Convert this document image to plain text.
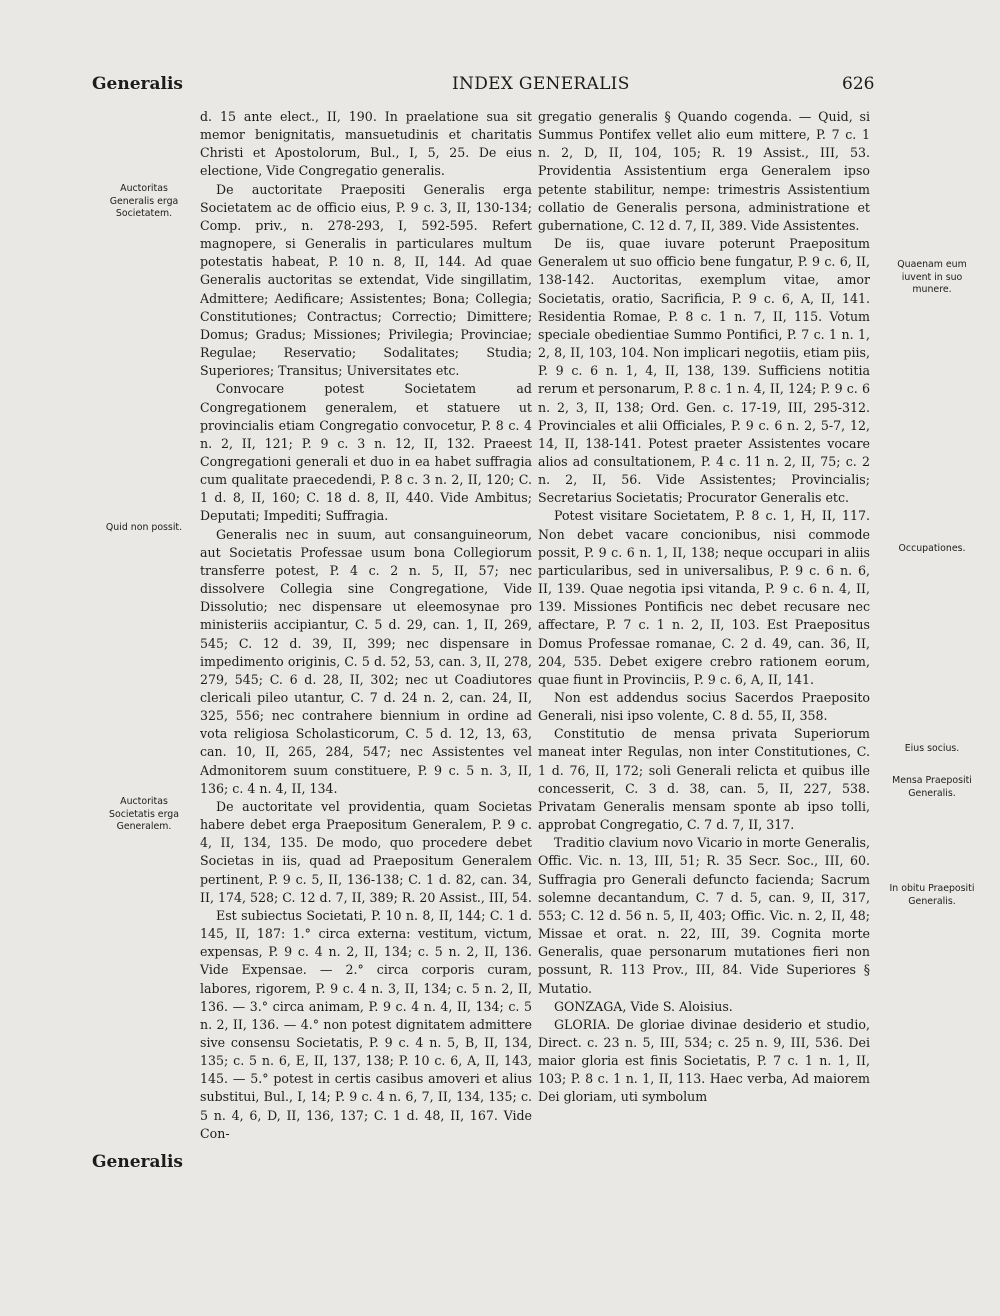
Generalis	INDEX GENERALIS	626
Auctoritas Generalis erga Societatem.
Quid non possit.
Auctoritas Societatis erga Generalem.
Quaenam eum iuvent in suo munere.
Occupationes.
Eius socius.
Mensa Praepositi Generalis.
In obitu Praepositi Generalis.

d. 15 ante elect., II, 190. In praelatione sua sit memor benignitatis, mansuetudinis et charitatis Christi et Apostolorum, Bul., I, 5, 25. De eius electione, Vide Congregatio generalis.

De auctoritate Praepositi Generalis erga Societatem ac de officio eius, P. 9 c. 3, II, 130-134; Comp. priv., n. 278-293, I, 592-595. Refert magnopere, si Generalis in particulares multum potestatis habeat, P. 10 n. 8, II, 144. Ad quae Generalis auctoritas se extendat, Vide singillatim, Admittere; Aedificare; Assistentes; Bona; Collegia; Constitutiones; Contractus; Correctio; Dimittere; Domus; Gradus; Missiones; Privilegia; Provinciae; Regulae; Reservatio; Sodalitates; Studia; Superiores; Transitus; Universitates etc.

Convocare potest Societatem ad Congregationem generalem, et statuere ut provincialis etiam Congregatio convocetur, P. 8 c. 4 n. 2, II, 121; P. 9 c. 3 n. 12, II, 132. Praeest Congregationi generali et duo in ea habet suffragia cum qualitate praecedendi, P. 8 c. 3 n. 2, II, 120; C. 1 d. 8, II, 160; C. 18 d. 8, II, 440. Vide Ambitus; Deputati; Impediti; Suffragia.

Generalis nec in suum, aut consanguineorum, aut Societatis Professae usum bona Collegiorum transferre potest, P. 4 c. 2 n. 5, II, 57; nec dissolvere Collegia sine Congregatione, Vide Dissolutio; nec dispensare ut eleemosynae pro ministeriis accipiantur, C. 5 d. 29, can. 1, II, 269, 545; C. 12 d. 39, II, 399; nec dispensare in impedimento originis, C. 5 d. 52, 53, can. 3, II, 278, 279, 545; C. 6 d. 28, II, 302; nec ut Coadiutores clericali pileo utantur, C. 7 d. 24 n. 2, can. 24, II, 325, 556; nec contrahere biennium in ordine ad vota religiosa Scholasticorum, C. 5 d. 12, 13, 63, can. 10, II, 265, 284, 547; nec Assistentes vel Admonitorem suum constituere, P. 9 c. 5 n. 3, II, 136; c. 4 n. 4, II, 134.

De auctoritate vel providentia, quam Societas habere debet erga Praepositum Generalem, P. 9 c. 4, II, 134, 135. De modo, quo procedere debet Societas in iis, quad ad Praepositum Generalem pertinent, P. 9 c. 5, II, 136-138; C. 1 d. 82, can. 34, II, 174, 528; C. 12 d. 7, II, 389; R. 20 Assist., III, 54.

Est subiectus Societati, P. 10 n. 8, II, 144; C. 1 d. 145, II, 187: 1.° circa externa: vestitum, victum, expensas, P. 9 c. 4 n. 2, II, 134; c. 5 n. 2, II, 136. Vide Expensae. — 2.° circa corporis curam, labores, rigorem, P. 9 c. 4 n. 3, II, 134; c. 5 n. 2, II, 136. — 3.° circa animam, P. 9 c. 4 n. 4, II, 134; c. 5 n. 2, II, 136. — 4.° non potest dignitatem admittere sive consensu Societatis, P. 9 c. 4 n. 5, B, II, 134, 135; c. 5 n. 6, E, II, 137, 138; P. 10 c. 6, A, II, 143, 145. — 5.° potest in certis casibus amoveri et alius substitui, Bul., I, 14; P. 9 c. 4 n. 6, 7, II, 134, 135; c. 5 n. 4, 6, D, II, 136, 137; C. 1 d. 48, II, 167. Vide Con-

gregatio generalis § Quando cogenda. — Quid, si Summus Pontifex vellet alio eum mittere, P. 7 c. 1 n. 2, D, II, 104, 105; R. 19 Assist., III, 53. Providentia Assistentium erga Generalem ipso petente stabilitur, nempe: trimestris Assistentium collatio de Generalis persona, administratione et gubernatione, C. 12 d. 7, II, 389. Vide Assistentes.

De iis, quae iuvare poterunt Praepositum Generalem ut suo officio bene fungatur, P. 9 c. 6, II, 138-142. Auctoritas, exemplum vitae, amor Societatis, oratio, Sacrificia, P. 9 c. 6, A, II, 141. Residentia Romae, P. 8 c. 1 n. 7, II, 115. Votum speciale obedientiae Summo Pontifici, P. 7 c. 1 n. 1, 2, 8, II, 103, 104. Non implicari negotiis, etiam piis, P. 9 c. 6 n. 1, 4, II, 138, 139. Sufficiens notitia rerum et personarum, P. 8 c. 1 n. 4, II, 124; P. 9 c. 6 n. 2, 3, II, 138; Ord. Gen. c. 17-19, III, 295-312. Provinciales et alii Officiales, P. 9 c. 6 n. 2, 5-7, 12, 14, II, 138-141. Potest praeter Assistentes vocare alios ad consultationem, P. 4 c. 11 n. 2, II, 75; c. 2 n. 2, II, 56. Vide Assistentes; Provincialis; Secretarius Societatis; Procurator Generalis etc.

Potest visitare Societatem, P. 8 c. 1, H, II, 117. Non debet vacare concionibus, nisi commode possit, P. 9 c. 6 n. 1, II, 138; neque occupari in aliis particularibus, sed in universalibus, P. 9 c. 6 n. 6, II, 139. Quae negotia ipsi vitanda, P. 9 c. 6 n. 4, II, 139. Missiones Pontificis nec debet recusare nec affectare, P. 7 c. 1 n. 2, II, 103. Est Praepositus Domus Professae romanae, C. 2 d. 49, can. 36, II, 204, 535. Debet exigere crebro rationem eorum, quae fiunt in Provinciis, P. 9 c. 6, A, II, 141.

Non est addendus socius Sacerdos Praeposito Generali, nisi ipso volente, C. 8 d. 55, II, 358.

Constitutio de mensa privata Superiorum maneat inter Regulas, non inter Constitutiones, C. 1 d. 76, II, 172; soli Generali relicta et quibus ille concesserit, C. 3 d. 38, can. 5, II, 227, 538. Privatam Generalis mensam sponte ab ipso tolli, approbat Congregatio, C. 7 d. 7, II, 317.

Traditio clavium novo Vicario in morte Generalis, Offic. Vic. n. 13, III, 51; R. 35 Secr. Soc., III, 60. Suffragia pro Generali defuncto facienda; Sacrum solemne decantandum, C. 7 d. 5, can. 9, II, 317, 553; C. 12 d. 56 n. 5, II, 403; Offic. Vic. n. 2, II, 48; Missae et orat. n. 22, III, 39. Cognita morte Generalis, quae personarum mutationes fieri non possunt, R. 113 Prov., III, 84. Vide Superiores § Mutatio.

GONZAGA, Vide S. Aloisius.

GLORIA. De gloriae divinae desiderio et studio, Direct. c. 23 n. 5, III, 534; c. 25 n. 9, III, 536. Dei maior gloria est finis Societatis, P. 7 c. 1 n. 1, II, 103; P. 8 c. 1 n. 1, II, 113. Haec verba, Ad maiorem Dei gloriam, uti symbolum

Generalis
